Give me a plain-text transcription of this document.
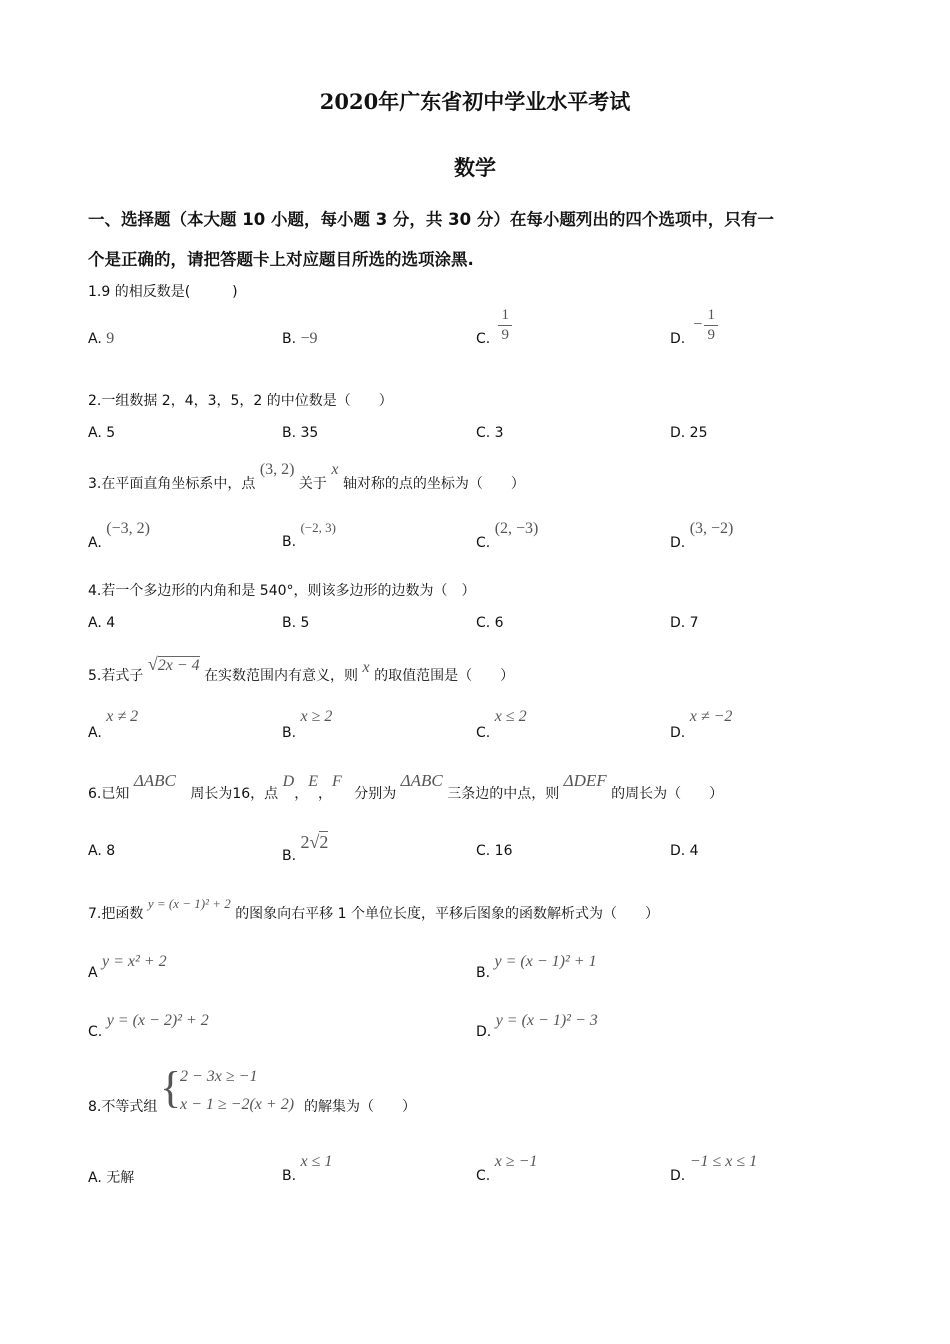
2020年广东省初中学业水平考试
数学
一、选择题（本大题 10 小题，每小题 3 分，共 30 分）在每小题列出的四个选项中，只有一
个是正确的，请把答题卡上对应题目所选的选项涂黑.
1.9 的相反数是(　　　)
A. 9	B. −9	C. $\frac{1}{9}$	D.
− $\frac{1}{9}$
2.一组数据 2，4，3，5，2 的中位数是（　　）
A. 5	B. 35	C. 3	D. 25
3.在平面直角坐标系中，点 (3, 2) 关于 x 轴对称的点的坐标为（　　）
A. (−3, 2)
B. (−2, 3)
C. (2, −3)
D. (3, −2)
4.若一个多边形的内角和是 540°，则该多边形的边数为（　）
A. 4	B. 5	C. 6	D. 7
5.若式子 √2x − 4 在实数范围内有意义，则 x 的取值范围是（　　）
A. x ≠ 2
B. x ≥ 2
C. x ≤ 2
D. x ≠ −2
6.已知 ΔABC 周长为16，点 D，E，F 分别为 ΔABC 三条边的中点，则 ΔDEF 的周长为（　　）
A. 8	B. 2√2	C. 16	D. 4
7.把函数 y = (x − 1)² + 2 的图象向右平移 1 个单位长度，平移后图象的函数解析式为（　　）
A y = x² + 2
B. y = (x − 1)² + 1
C. y = (x − 2)² + 2
D. y = (x − 1)² − 3
8.不等式组 {
2 − 3x ≥ −1
x − 1 ≥ −2(x + 2) 的解集为（　　）
A. 无解	B. x ≤ 1
C. x ≥ −1
D. −1 ≤ x ≤ 1
